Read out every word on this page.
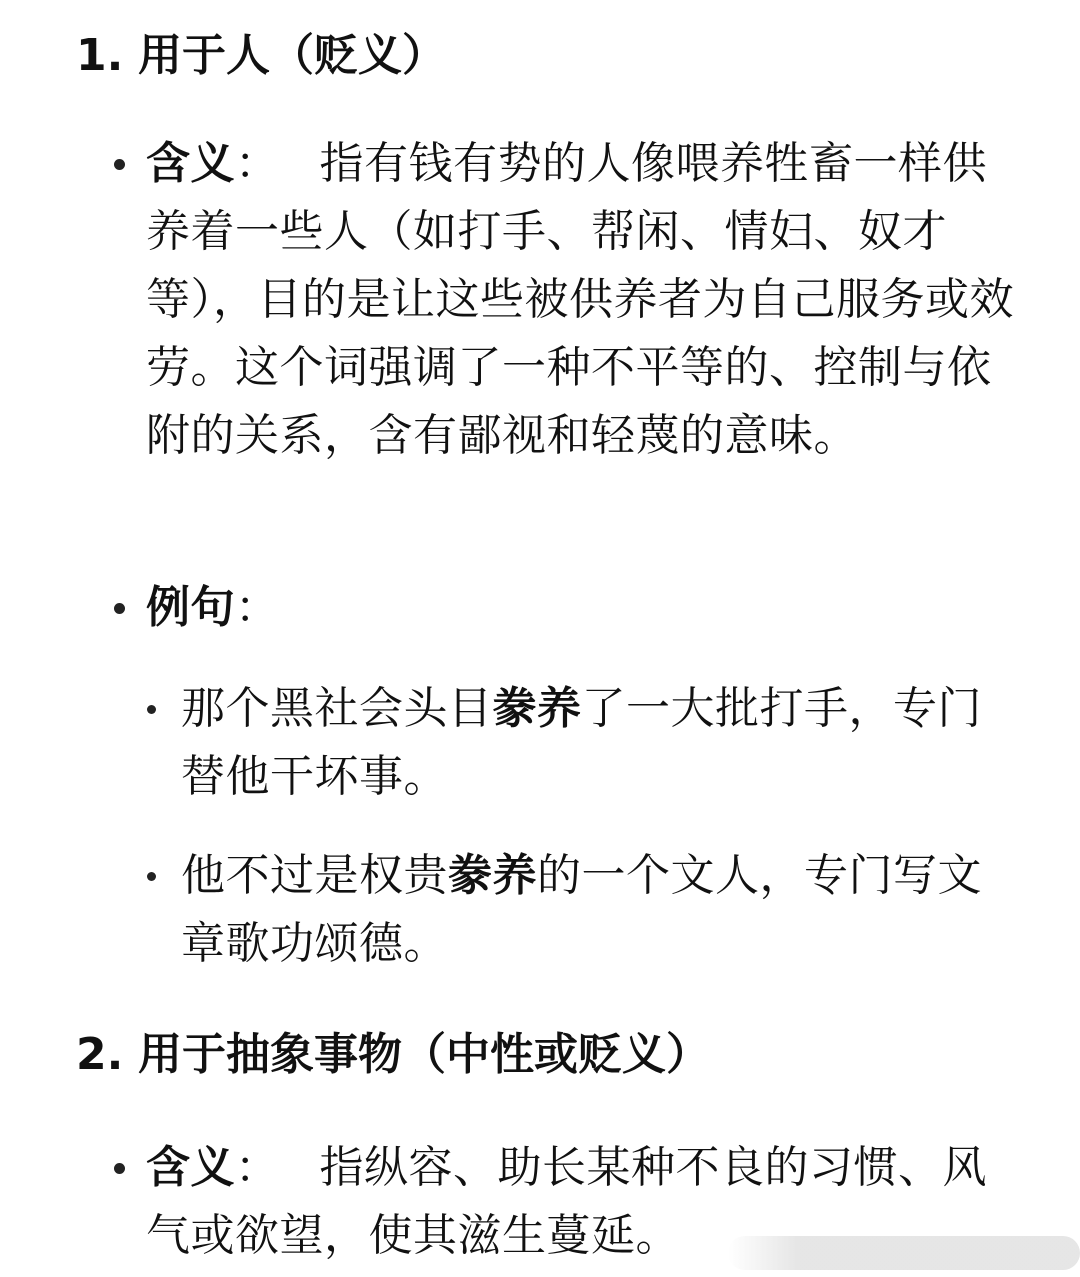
1. 用于人（贬义）
含义： 指有钱有势的人像喂养牲畜一样供养着一些人（如打手、帮闲、情妇、奴才等），目的是让这些被供养者为自己服务或效劳。这个词强调了一种不平等的、控制与依附的关系，含有鄙视和轻蔑的意味。
例句：
那个黑社会头目豢养了一大批打手，专门替他干坏事。
他不过是权贵豢养的一个文人，专门写文章歌功颂德。
2. 用于抽象事物（中性或贬义）
含义： 指纵容、助长某种不良的习惯、风气或欲望，使其滋生蔓延。
